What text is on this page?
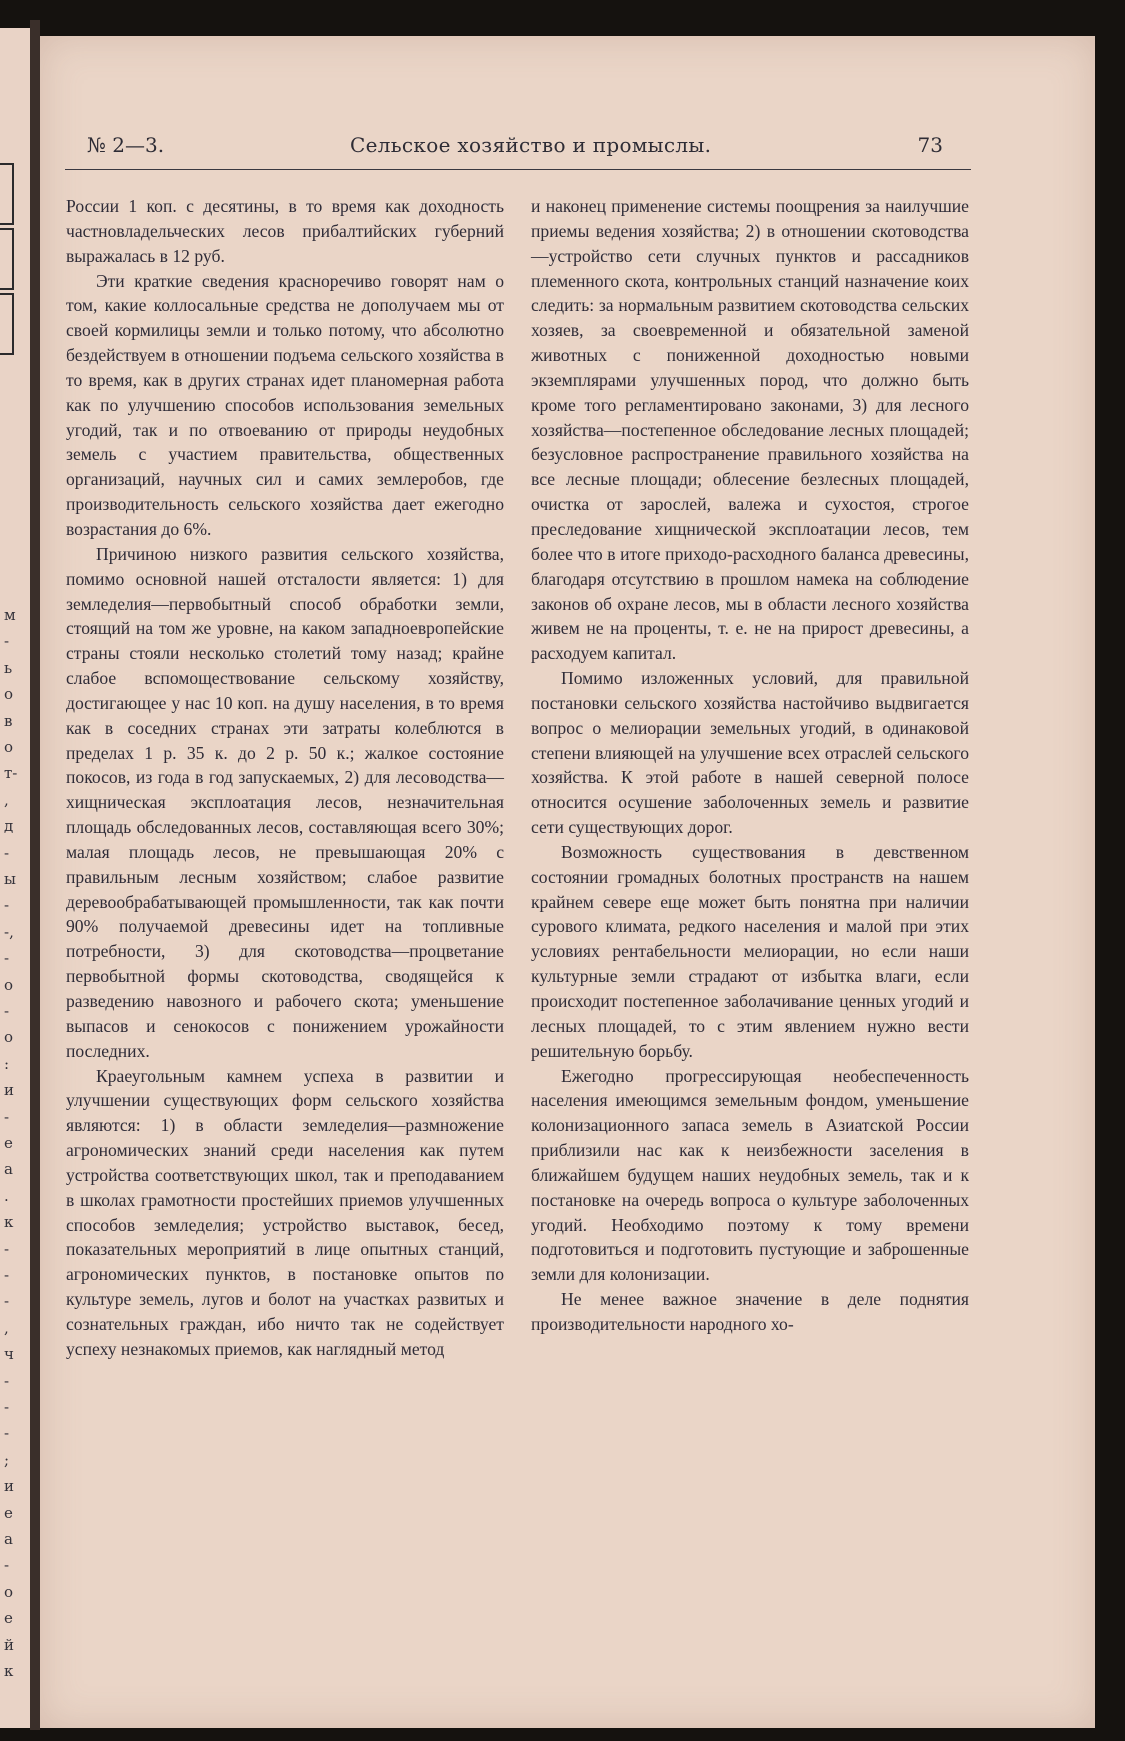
м
-
ь
о
в
о
т-
,
д
-
ы
-
-,
-
о
-
о
:
и
-
е
а
.
к
-
-
-
,
ч
-
-
-
;
и
е
а
-
о
е
й
к
№ 2—3.	Сельское хозяйство и промыслы.	73

России 1 коп. с десятины, в то время как доходность частновладельческих лесов прибалтийских губерний выражалась в 12 руб.

Эти краткие сведения красноречиво говорят нам о том, какие коллосальные средства не дополучаем мы от своей кормилицы земли и только потому, что абсолютно бездействуем в отношении подъема сельского хозяйства в то время, как в других странах идет планомерная работа как по улучшению способов использования земельных угодий, так и по отвоеванию от природы неудобных земель с участием правительства, общественных организаций, научных сил и самих землеробов, где производительность сельского хозяйства дает ежегодно возрастания до 6%.

Причиною низкого развития сельского хозяйства, помимо основной нашей отсталости является: 1) для земледелия—первобытный способ обработки земли, стоящий на том же уровне, на каком западноевропейские страны стояли несколько столетий тому назад; крайне слабое вспомоществование сельскому хозяйству, достигающее у нас 10 коп. на душу населения, в то время как в соседних странах эти затраты колеблются в пределах 1 р. 35 к. до 2 р. 50 к.; жалкое состояние покосов, из года в год запускаемых, 2) для лесоводства—хищническая эксплоатация лесов, незначительная площадь обследованных лесов, составляющая всего 30%; малая площадь лесов, не превышающая 20% с правильным лесным хозяйством; слабое развитие деревообрабатывающей промышленности, так как почти 90% получаемой древесины идет на топливные потребности, 3) для скотоводства—процветание первобытной формы скотоводства, сводящейся к разведению навозного и рабочего скота; уменьшение выпасов и сенокосов с понижением урожайности последних.

Краеугольным камнем успеха в развитии и улучшении существующих форм сельского хозяйства являются: 1) в области земледелия—размножение агрономических знаний среди населения как путем устройства соответствующих школ, так и преподаванием в школах грамотности простейших приемов улучшенных способов земледелия; устройство выставок, бесед, показательных мероприятий в лице опытных станций, агрономических пунктов, в постановке опытов по культуре земель, лугов и болот на участках развитых и сознательных граждан, ибо ничто так не содействует успеху незнакомых приемов, как наглядный метод

и наконец применение системы поощрения за наилучшие приемы ведения хозяйства; 2) в отношении скотоводства—устройство сети случных пунктов и рассадников племенного скота, контрольных станций назначение коих следить: за нормальным развитием скотоводства сельских хозяев, за своевременной и обязательной заменой животных с пониженной доходностью новыми экземплярами улучшенных пород, что должно быть кроме того регламентировано законами, 3) для лесного хозяйства—постепенное обследование лесных площадей; безусловное распространение правильного хозяйства на все лесные площади; облесение безлесных площадей, очистка от зарослей, валежа и сухостоя, строгое преследование хищнической эксплоатации лесов, тем более что в итоге приходо-расходного баланса древесины, благодаря отсутствию в прошлом намека на соблюдение законов об охране лесов, мы в области лесного хозяйства живем не на проценты, т. е. не на прирост древесины, а расходуем капитал.

Помимо изложенных условий, для правильной постановки сельского хозяйства настойчиво выдвигается вопрос о мелиорации земельных угодий, в одинаковой степени влияющей на улучшение всех отраслей сельского хозяйства. К этой работе в нашей северной полосе относится осушение заболоченных земель и развитие сети существующих дорог.

Возможность существования в девственном состоянии громадных болотных пространств на нашем крайнем севере еще может быть понятна при наличии сурового климата, редкого населения и малой при этих условиях рентабельности мелиорации, но если наши культурные земли страдают от избытка влаги, если происходит постепенное заболачивание ценных угодий и лесных площадей, то с этим явлением нужно вести решительную борьбу.

Ежегодно прогрессирующая необеспеченность населения имеющимся земельным фондом, уменьшение колонизационного запаса земель в Азиатской России приблизили нас как к неизбежности заселения в ближайшем будущем наших неудобных земель, так и к постановке на очередь вопроса о культуре заболоченных угодий. Необходимо поэтому к тому времени подготовиться и подготовить пустующие и заброшенные земли для колонизации.

Не менее важное значение в деле поднятия производительности народного хо-
